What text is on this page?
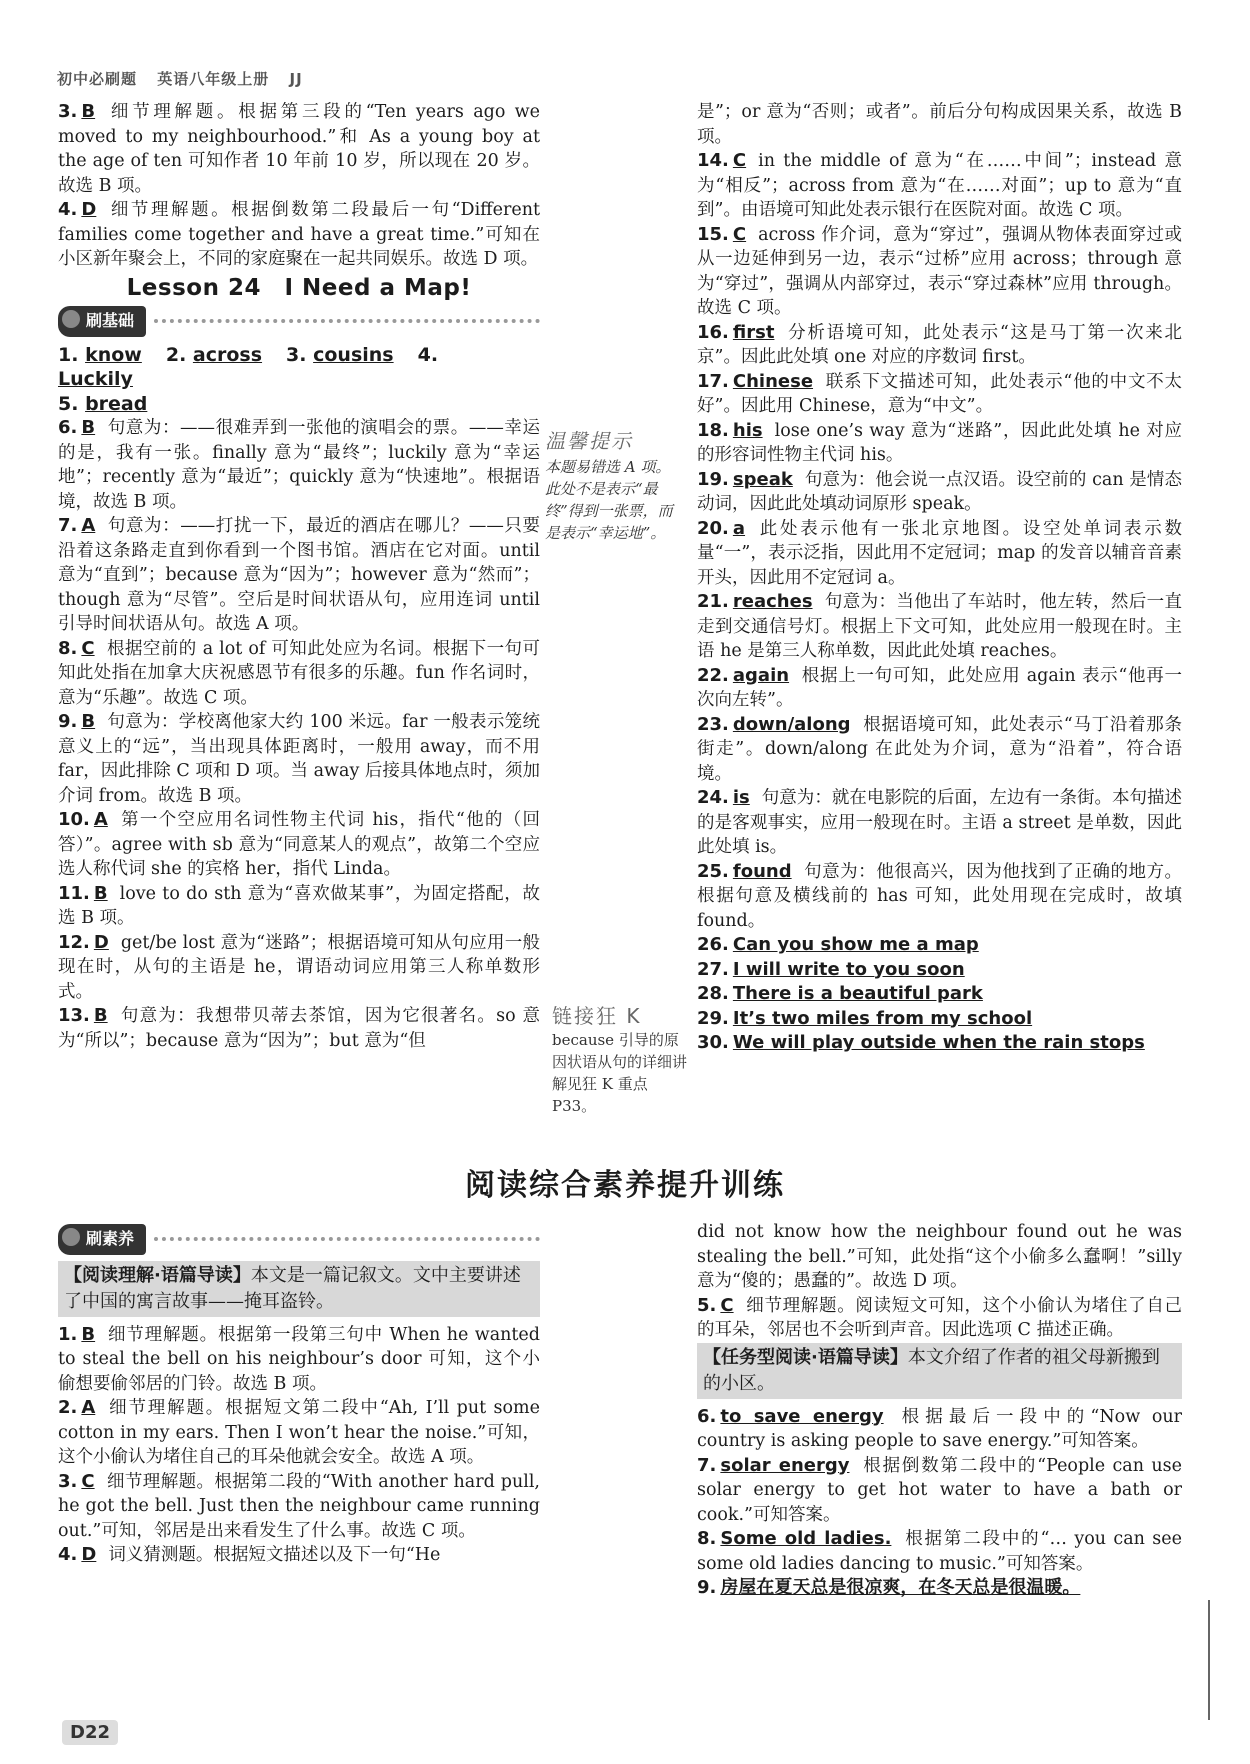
初中必刷题 英语八年级上册 JJ
3. B 细节理解题。根据第三段的“Ten years ago we moved to my neighbourhood.”和 As a young boy at the age of ten 可知作者 10 年前 10 岁，所以现在 20 岁。故选 B 项。
4. D 细节理解题。根据倒数第二段最后一句“Different families come together and have a great time.”可知在小区新年聚会上，不同的家庭聚在一起共同娱乐。故选 D 项。
Lesson 24　I Need a Map!
刷基础
1. know 2. across 3. cousins 4. Luckily
5. bread
6. B 句意为：——很难弄到一张他的演唱会的票。——幸运的是，我有一张。finally 意为“最终”；luckily 意为“幸运地”；recently 意为“最近”；quickly 意为“快速地”。根据语境，故选 B 项。
7. A 句意为：——打扰一下，最近的酒店在哪儿？——只要沿着这条路走直到你看到一个图书馆。酒店在它对面。until 意为“直到”；because 意为“因为”；however 意为“然而”；though 意为“尽管”。空后是时间状语从句，应用连词 until 引导时间状语从句。故选 A 项。
8. C 根据空前的 a lot of 可知此处应为名词。根据下一句可知此处指在加拿大庆祝感恩节有很多的乐趣。fun 作名词时，意为“乐趣”。故选 C 项。
9. B 句意为：学校离他家大约 100 米远。far 一般表示笼统意义上的“远”，当出现具体距离时，一般用 away，而不用 far，因此排除 C 项和 D 项。当 away 后接具体地点时，须加介词 from。故选 B 项。
10. A 第一个空应用名词性物主代词 his，指代“他的（回答）”。agree with sb 意为“同意某人的观点”，故第二个空应选人称代词 she 的宾格 her，指代 Linda。
11. B love to do sth 意为“喜欢做某事”，为固定搭配，故选 B 项。
12. D get/be lost 意为“迷路”；根据语境可知从句应用一般现在时，从句的主语是 he，谓语动词应用第三人称单数形式。
13. B 句意为：我想带贝蒂去茶馆，因为它很著名。so 意为“所以”；because 意为“因为”；but 意为“但
温馨提示
本题易错选 A 项。此处不是表示“最终”得到一张票，而是表示“幸运地”。
链接狂 K
because 引导的原因状语从句的详细讲解见狂 K 重点 P33。
是”；or 意为“否则；或者”。前后分句构成因果关系，故选 B 项。
14. C in the middle of 意为“在……中间”；instead 意为“相反”；across from 意为“在……对面”；up to 意为“直到”。由语境可知此处表示银行在医院对面。故选 C 项。
15. C across 作介词，意为“穿过”，强调从物体表面穿过或从一边延伸到另一边，表示“过桥”应用 across；through 意为“穿过”，强调从内部穿过，表示“穿过森林”应用 through。故选 C 项。
16. first 分析语境可知，此处表示“这是马丁第一次来北京”。因此此处填 one 对应的序数词 first。
17. Chinese 联系下文描述可知，此处表示“他的中文不太好”。因此用 Chinese，意为“中文”。
18. his lose one’s way 意为“迷路”，因此此处填 he 对应的形容词性物主代词 his。
19. speak 句意为：他会说一点汉语。设空前的 can 是情态动词，因此此处填动词原形 speak。
20. a 此处表示他有一张北京地图。设空处单词表示数量“一”，表示泛指，因此用不定冠词；map 的发音以辅音音素开头，因此用不定冠词 a。
21. reaches 句意为：当他出了车站时，他左转，然后一直走到交通信号灯。根据上下文可知，此处应用一般现在时。主语 he 是第三人称单数，因此此处填 reaches。
22. again 根据上一句可知，此处应用 again 表示“他再一次向左转”。
23. down/along 根据语境可知，此处表示“马丁沿着那条街走”。down/along 在此处为介词，意为“沿着”，符合语境。
24. is 句意为：就在电影院的后面，左边有一条街。本句描述的是客观事实，应用一般现在时。主语 a street 是单数，因此此处填 is。
25. found 句意为：他很高兴，因为他找到了正确的地方。根据句意及横线前的 has 可知，此处用现在完成时，故填 found。
26. Can you show me a map
27. I will write to you soon
28. There is a beautiful park
29. It’s two miles from my school
30. We will play outside when the rain stops
阅读综合素养提升训练
刷素养
【阅读理解·语篇导读】本文是一篇记叙文。文中主要讲述了中国的寓言故事——掩耳盗铃。
1. B 细节理解题。根据第一段第三句中 When he wanted to steal the bell on his neighbour’s door 可知，这个小偷想要偷邻居的门铃。故选 B 项。
2. A 细节理解题。根据短文第二段中“Ah, I’ll put some cotton in my ears. Then I won’t hear the noise.”可知，这个小偷认为堵住自己的耳朵他就会安全。故选 A 项。
3. C 细节理解题。根据第二段的“With another hard pull, he got the bell. Just then the neighbour came running out.”可知，邻居是出来看发生了什么事。故选 C 项。
4. D 词义猜测题。根据短文描述以及下一句“He
did not know how the neighbour found out he was stealing the bell.”可知，此处指“这个小偷多么蠢啊！”silly 意为“傻的；愚蠢的”。故选 D 项。
5. C 细节理解题。阅读短文可知，这个小偷认为堵住了自己的耳朵，邻居也不会听到声音。因此选项 C 描述正确。
【任务型阅读·语篇导读】本文介绍了作者的祖父母新搬到的小区。
6. to save energy 根据最后一段中的“Now our country is asking people to save energy.”可知答案。
7. solar energy 根据倒数第二段中的“People can use solar energy to get hot water to have a bath or cook.”可知答案。
8. Some old ladies. 根据第二段中的“… you can see some old ladies dancing to music.”可知答案。
9. 房屋在夏天总是很凉爽，在冬天总是很温暖。
D22
